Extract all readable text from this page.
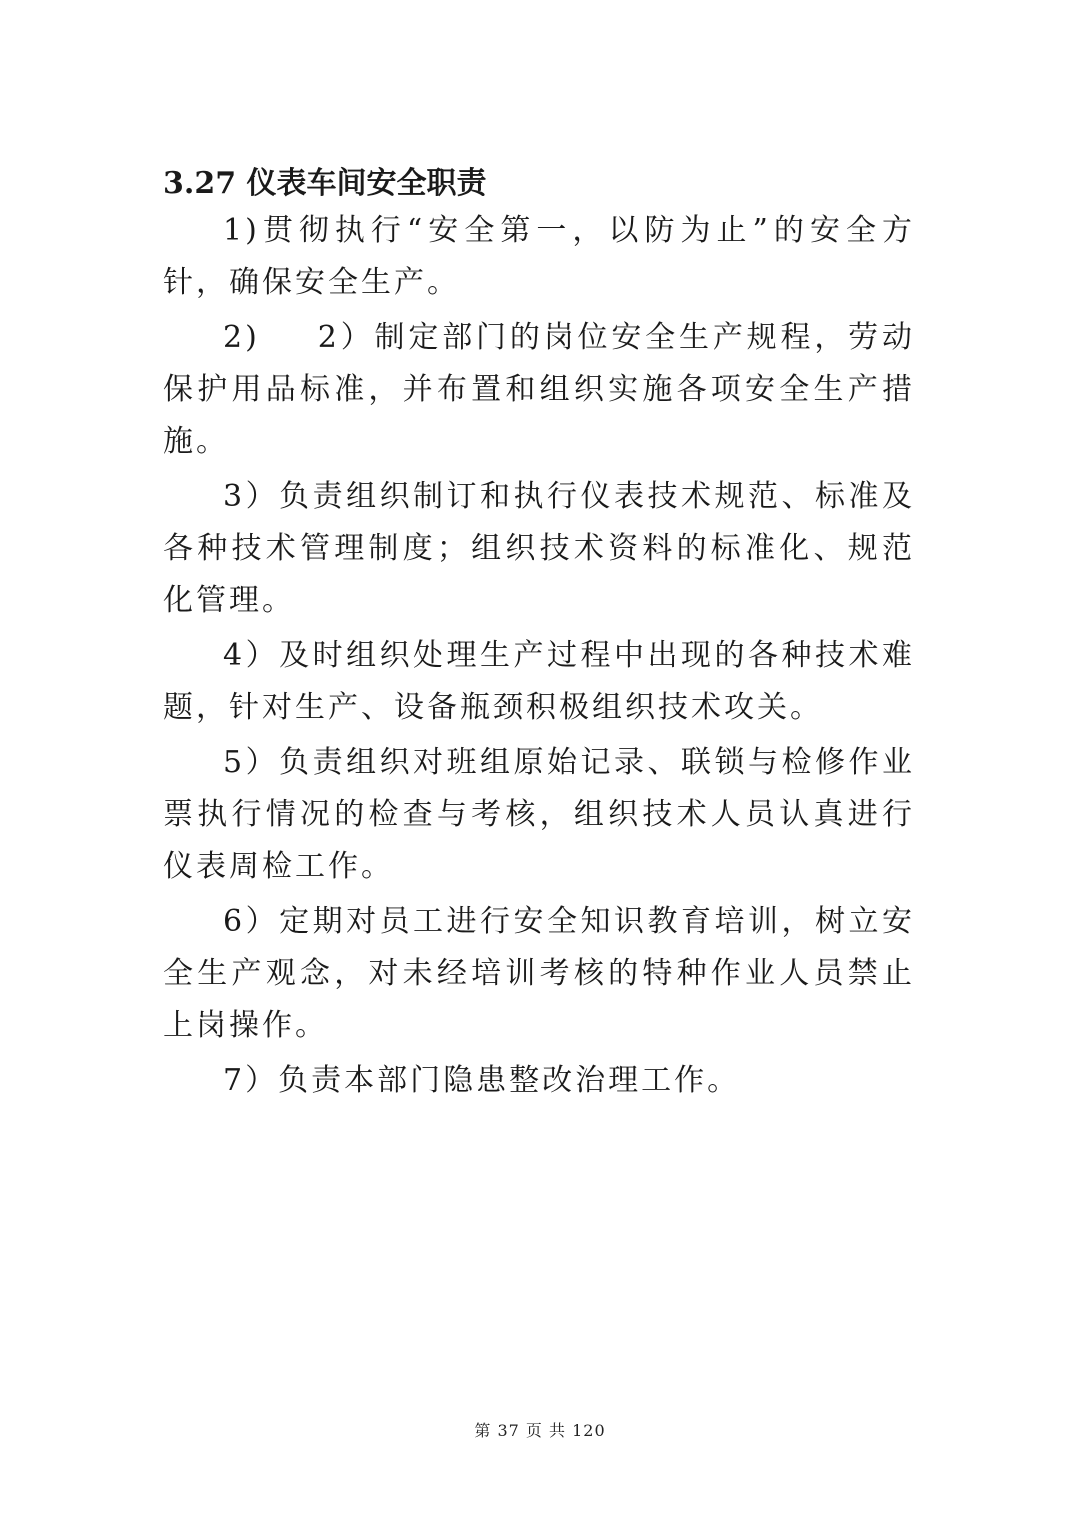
3.27 仪表车间安全职责

1)贯彻执行“安全第一，以防为止”的安全方针，确保安全生产。

2) 2）制定部门的岗位安全生产规程，劳动保护用品标准，并布置和组织实施各项安全生产措施。

3）负责组织制订和执行仪表技术规范、标准及各种技术管理制度；组织技术资料的标准化、规范化管理。

4）及时组织处理生产过程中出现的各种技术难题，针对生产、设备瓶颈积极组织技术攻关。

5）负责组织对班组原始记录、联锁与检修作业票执行情况的检查与考核，组织技术人员认真进行仪表周检工作。

6）定期对员工进行安全知识教育培训，树立安全生产观念，对未经培训考核的特种作业人员禁止上岗操作。

7）负责本部门隐患整改治理工作。

第 37 页 共 120
